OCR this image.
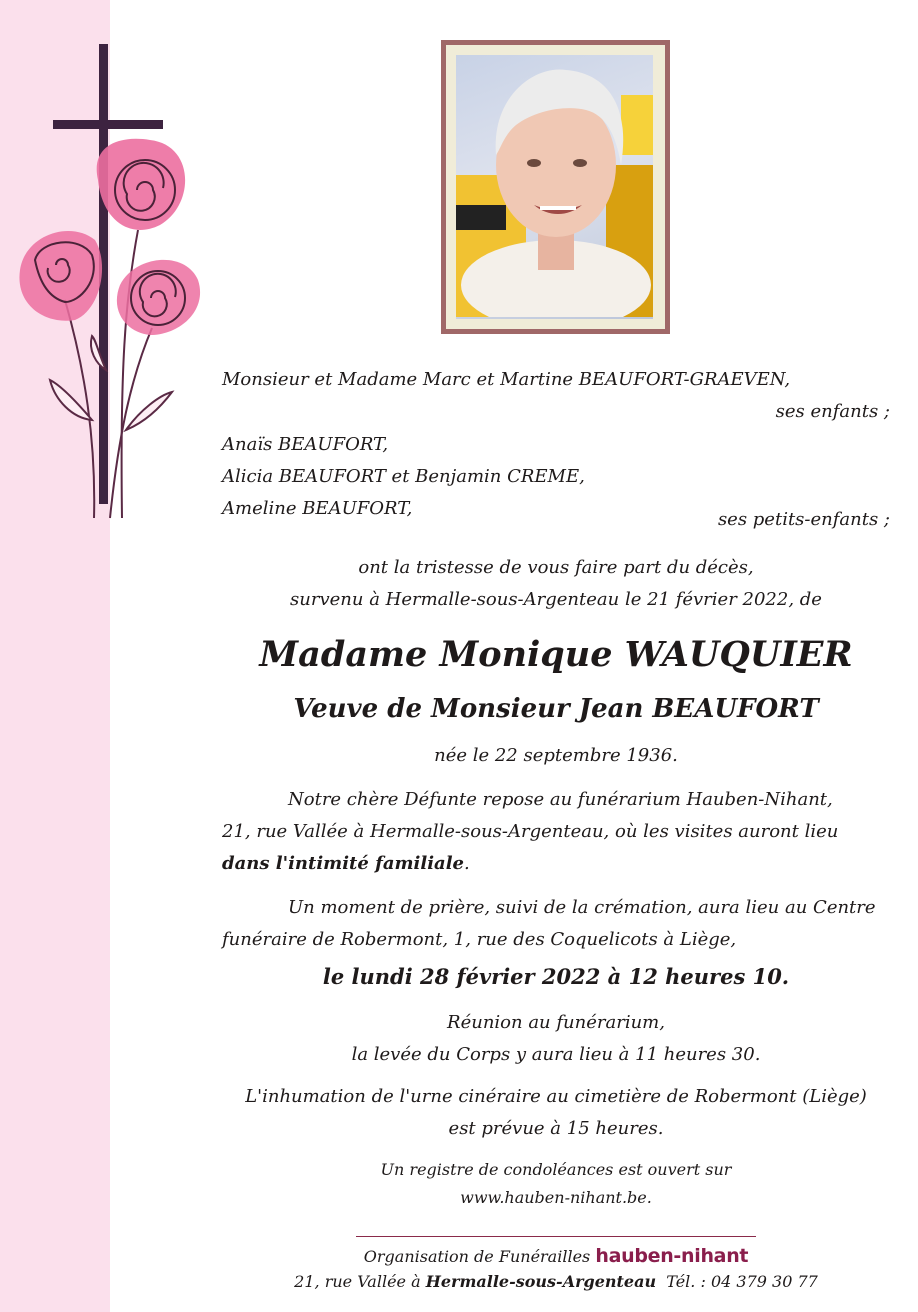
Monsieur et Madame Marc et Martine BEAUFORT-GRAEVEN,

ses enfants ;

Anaïs BEAUFORT,

Alicia BEAUFORT et Benjamin CREME,

Ameline BEAUFORT,

ses petits-enfants ;

ont la tristesse de vous faire part du décès,

survenu à Hermalle-sous-Argenteau le 21 février 2022, de

Madame Monique WAUQUIER
Veuve de Monsieur Jean BEAUFORT

née le 22 septembre 1936.

Notre chère Défunte repose au funérarium Hauben-Nihant,

21, rue Vallée à Hermalle-sous-Argenteau, où les visites auront lieu

dans l'intimité familiale.

Un moment de prière, suivi de la crémation, aura lieu au Centre

funéraire de Robermont, 1, rue des Coquelicots à Liège,

le lundi 28 février 2022 à 12 heures 10.

Réunion au funérarium,

la levée du Corps y aura lieu à 11 heures 30.

L'inhumation de l'urne cinéraire au cimetière de Robermont (Liège)

est prévue à 15 heures.

Un registre de condoléances est ouvert sur

www.hauben-nihant.be.

Organisation de Funérailles hauben-nihant

21, rue Vallée à Hermalle-sous-Argenteau Tél. : 04 379 30 77
